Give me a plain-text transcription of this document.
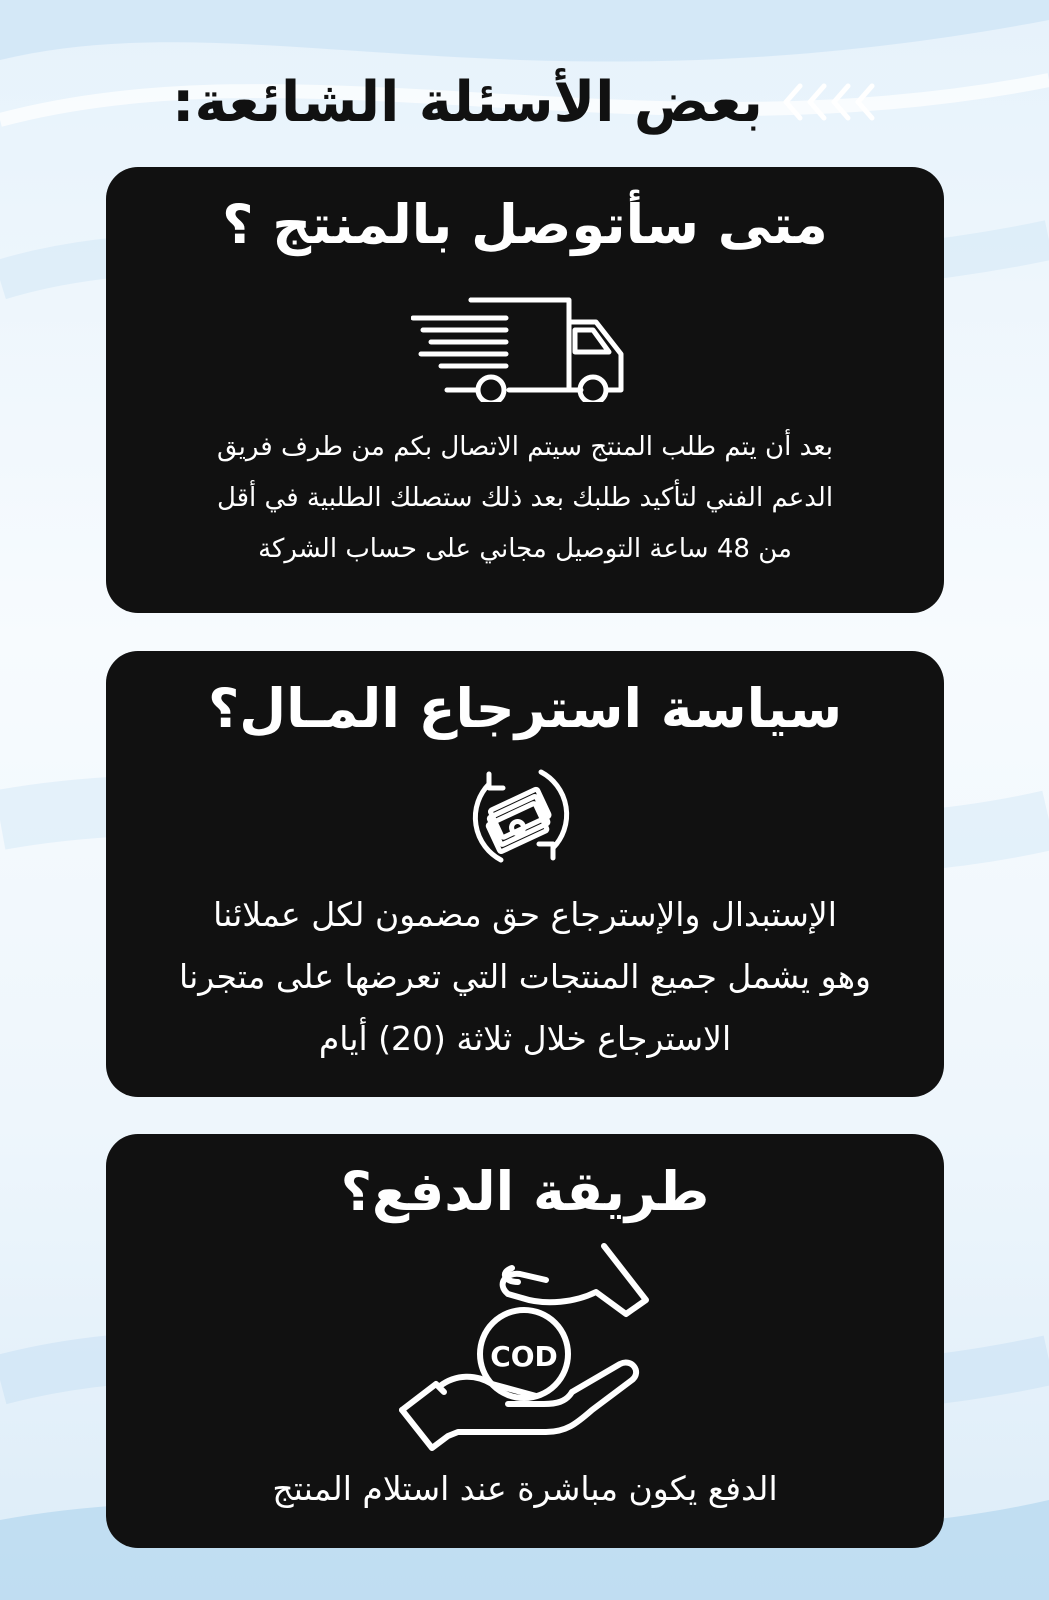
بعض الأسئلة الشائعة:
متى سأتوصل بالمنتج ؟
بعد أن يتم طلب المنتج سيتم الاتصال بكم من طرف فريق
الدعم الفني لتأكيد طلبك بعد ذلك ستصلك الطلبية في أقل
من 48 ساعة التوصيل مجاني على حساب الشركة
سياسة استرجاع المـال؟
الإستبدال والإسترجاع حق مضمون لكل عملائنا
وهو يشمل جميع المنتجات التي تعرضها على متجرنا
الاسترجاع خلال ثلاثة (20) أيام
طريقة الدفع؟
COD
الدفع يكون مباشرة عند استلام المنتج
